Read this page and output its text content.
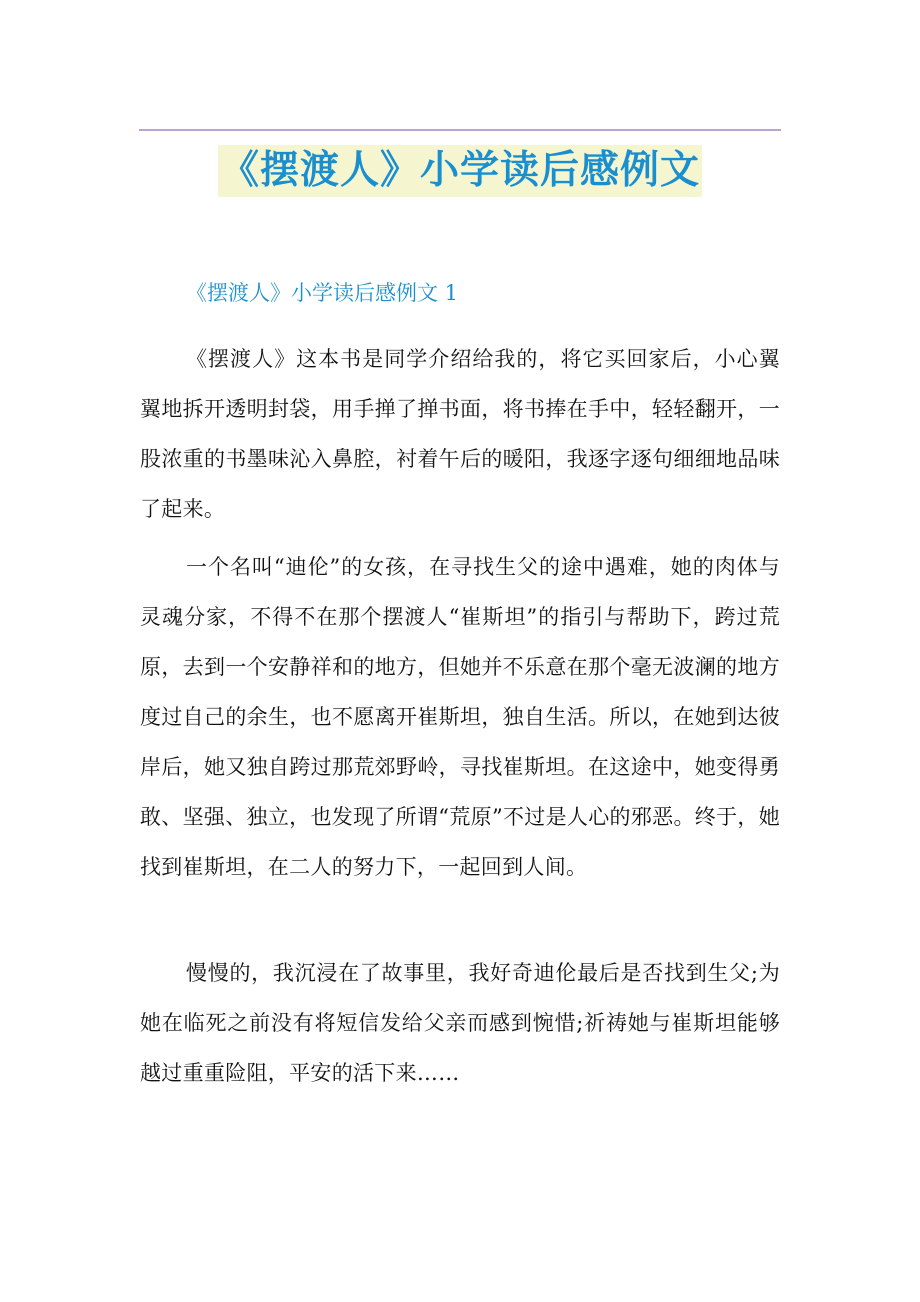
《摆渡人》小学读后感例文
《摆渡人》小学读后感例文 1

《摆渡人》这本书是同学介绍给我的，将它买回家后，小心翼翼地拆开透明封袋，用手掸了掸书面，将书捧在手中，轻轻翻开，一股浓重的书墨味沁入鼻腔，衬着午后的暖阳，我逐字逐句细细地品味了起来。

一个名叫“迪伦”的女孩，在寻找生父的途中遇难，她的肉体与灵魂分家，不得不在那个摆渡人“崔斯坦”的指引与帮助下，跨过荒原，去到一个安静祥和的地方，但她并不乐意在那个毫无波澜的地方度过自己的余生，也不愿离开崔斯坦，独自生活。所以，在她到达彼岸后，她又独自跨过那荒郊野岭，寻找崔斯坦。在这途中，她变得勇敢、坚强、独立，也发现了所谓“荒原”不过是人心的邪恶。终于，她找到崔斯坦，在二人的努力下，一起回到人间。

慢慢的，我沉浸在了故事里，我好奇迪伦最后是否找到生父;为她在临死之前没有将短信发给父亲而感到惋惜;祈祷她与崔斯坦能够越过重重险阻，平安的活下来……
